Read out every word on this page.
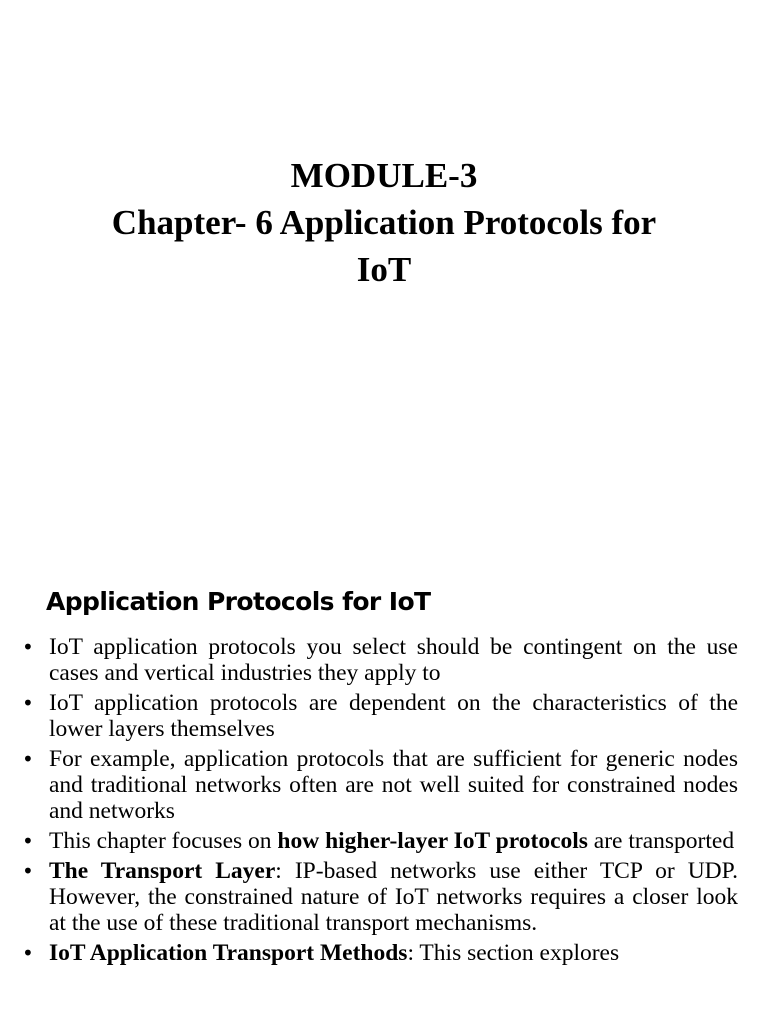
MODULE-3
Chapter- 6 Application Protocols for
IoT
Application Protocols for IoT
• IoT application protocols you select should be contingent on the use cases and vertical industries they apply to
• IoT application protocols are dependent on the characteristics of the lower layers themselves
• For example, application protocols that are sufficient for generic nodes and traditional networks often are not well suited for constrained nodes and networks
• This chapter focuses on how higher-layer IoT protocols are transported
• The Transport Layer: IP-based networks use either TCP or UDP. However, the constrained nature of IoT networks requires a closer look at the use of these traditional transport mechanisms.
• IoT Application Transport Methods: This section explores
